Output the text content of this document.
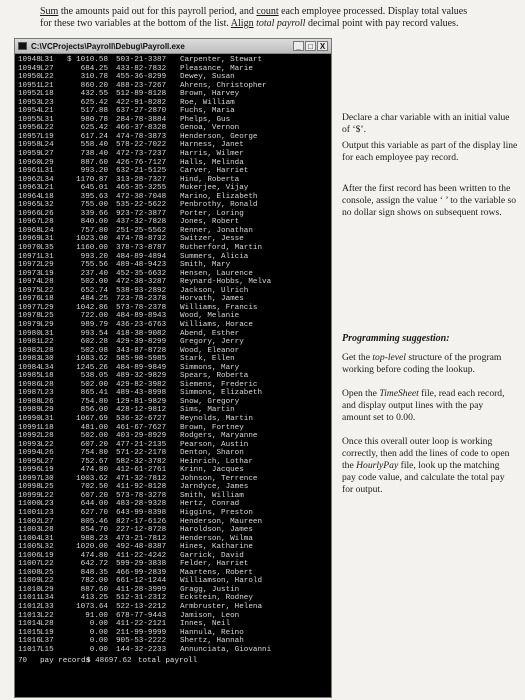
Sum the amounts paid out for this payroll period, and count each employee processed. Display total values
for these two variables at the bottom of the list. Align total payroll decimal point with pay record values.

C:\VCProjects\Payroll\Debug\Payroll.exe	_ □ X
10948 L31	$ 1010.58	503-21-3387	Carpenter, Stewart
10949 L27	684.25	433-82-7832	Pleasance, Marie
10950 L22	310.78	455-36-8299	Dewey, Susan
10951 L21	860.20	488-23-7267	Ahrens, Christopher
10952 L18	432.55	512-89-8128	Brown, Harvey
10953 L23	625.42	422-91-8282	Roe, William
10954 L21	517.88	637-27-2870	Fuchs, Maria
10955 L31	980.78	284-78-3884	Phelps, Gus
10956 L22	625.42	466-37-8328	Genoa, Vernon
10957 L19	617.24	474-78-3873	Henderson, George
10958 L24	558.40	578-22-7022	Harness, Janet
10959 L27	738.40	472-73-7237	Harris, Wilmer
10960 L29	887.60	426-76-7127	Halls, Melinda
10961 L31	993.20	632-21-5125	Carver, Harriet
10962 L34	1170.87	313-28-7327	Hind, Roberta
10963 L21	645.01	465-35-3255	Mukerjee, Vijay
10964 L18	395.63	472-38-7048	Marino, Elizabeth
10965 L32	755.00	535-22-5622	Penbrothy, Ronald
10966 L26	339.66	923-72-3877	Porter, Loring
10967 L28	840.00	437-32-7828	Jones, Robert
10968 L24	757.80	251-25-5562	Renner, Jonathan
10969 L31	1023.00	474-78-8732	Switzer, Jesse
10970 L35	1160.00	378-73-8787	Rutherford, Martin
10971 L31	993.20	484-89-4894	Summers, Alicia
10972 L29	755.56	489-48-9423	Smith, Mary
10973 L19	237.40	452-35-6632	Hensen, Laurence
10974 L28	502.00	472-38-3287	Reynard-Hobbs, Melva
10975 L22	652.74	538-93-2892	Jackson, Ulrich
10976 L18	484.25	723-78-2378	Horvath, James
10977 L29	1042.86	573-78-2378	Williams, Francis
10978 L25	722.00	484-89-8943	Wood, Melanie
10979 L29	989.79	436-23-6763	Williams, Horace
10980 L31	993.54	418-38-9082	Abend, Esther
10981 L22	602.28	429-39-8299	Gregory, Jerry
10982 L28	502.08	343-87-8728	Wood, Eleanor
10983 L30	1083.62	585-98-5985	Stark, Ellen
10984 L34	1245.26	484-89-9849	Simmons, Mary
10985 L18	538.05	489-32-9829	Spears, Roberta
10986 L28	502.00	429-82-3982	Siemens, Frederic
10987 L23	865.41	489-43-8998	Simmons, Elizabeth
10988 L26	754.80	129-81-9829	Snow, Gregory
10989 L29	856.00	428-12-9812	Sims, Martin
10990 L31	1067.69	536-32-6727	Reynolds, Martin
10991 L18	481.00	461-67-7627	Brown, Fortney
10992 L28	502.00	403-29-8929	Rodgers, Maryanne
10993 L22	607.20	477-21-2135	Pearson, Austin
10994 L26	754.80	571-22-2178	Denton, Sharon
10995 L27	752.67	582-32-3782	Heinrich, Lothar
10996 L19	474.80	412-61-2761	Krinn, Jacques
10997 L30	1003.62	471-32-7812	Johnson, Terrence
10998 L25	702.50	411-92-8128	Jarndyce, James
10999 L22	607.20	573-78-3278	Smith, William
11000 L23	644.00	483-28-9328	Hertz, Conrad
11001 L23	627.70	643-99-8398	Higgins, Preston
11002 L27	805.46	827-17-6126	Henderson, Maureen
11003 L28	854.70	227-12-8728	Haroldson, James
11004 L31	988.23	473-21-7812	Henderson, Wilma
11005 L32	1020.00	492-48-8387	Hines, Katharine
11006 L19	474.80	411-22-4242	Garrick, David
11007 L22	642.72	599-29-3838	Felder, Harriet
11008 L25	848.35	466-99-2839	Maartens, Robert
11009 L22	782.00	661-12-1244	Williamson, Harold
11010 L29	887.60	411-28-3999	Gragg, Justin
11011 L34	413.25	512-31-2312	Eckstein, Rodney
11012 L33	1073.64	522-13-2212	Armbruster, Helena
11013 L22	91.00	678-77-9443	Jamison, Leon
11014 L28	0.00	411-22-2121	Innes, Neil
11015 L19	0.00	211-99-9999	Hannula, Reino
11016 L37	0.00	905-53-2222	Shertz, Hannah
11017 L15	0.00	144-32-2233	Annunciata, Giovanni
70	pay records
$ 48697.62 total payroll

Declare a char variable with an initial value of ‘$’.

Output this variable as part of the display line for each employee pay record.

After the first record has been written to the console, assign the value ‘ ’ to the variable so no dollar sign shows on subsequent rows.

Programming suggestion:

Get the top-level structure of the program working before coding the lookup.

Open the TimeSheet file, read each record, and display output lines with the pay amount set to 0.00.

Once this overall outer loop is working correctly, then add the lines of code to open the HourlyPay file, look up the matching pay code value, and calculate the total pay for output.
